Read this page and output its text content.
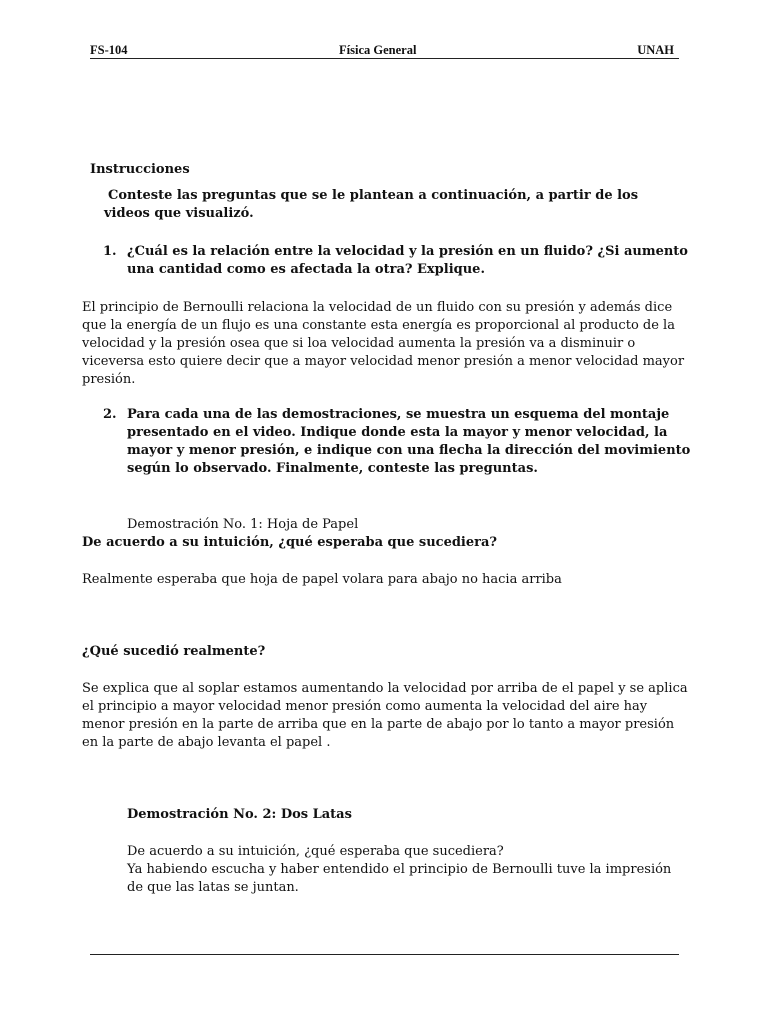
FS-104	Física General	UNAH

Instrucciones

Conteste las preguntas que se le plantean a continuación, a partir de los videos que visualizó.

1. ¿Cuál es la relación entre la velocidad y la presión en un fluido? ¿Si aumento una cantidad como es afectada la otra? Explique.

El principio de Bernoulli relaciona la velocidad de un fluido con su presión y además dice que la energía de un flujo es una constante esta energía es proporcional al producto de la velocidad y la presión osea que si loa velocidad aumenta la presión va a disminuir o viceversa esto quiere decir que a mayor velocidad menor presión a menor velocidad mayor presión.

2. Para cada una de las demostraciones, se muestra un esquema del montaje presentado en el video. Indique donde esta la mayor y menor velocidad, la mayor y menor presión, e indique con una flecha la dirección del movimiento según lo observado. Finalmente, conteste las preguntas.

Demostración No. 1: Hoja de Papel

De acuerdo a su intuición, ¿qué esperaba que sucediera?

Realmente esperaba que hoja de papel volara para abajo no hacia arriba

¿Qué sucedió realmente?

Se explica que al soplar estamos aumentando la velocidad por arriba de el papel y se aplica el principio a mayor velocidad menor presión como aumenta la velocidad del aire hay menor presión en la parte de arriba que en la parte de abajo por lo tanto a mayor presión en la parte de abajo levanta el papel .

Demostración No. 2: Dos Latas

De acuerdo a su intuición, ¿qué esperaba que sucediera?

Ya habiendo escucha y haber entendido el principio de Bernoulli tuve la impresión de que las latas se juntan.
